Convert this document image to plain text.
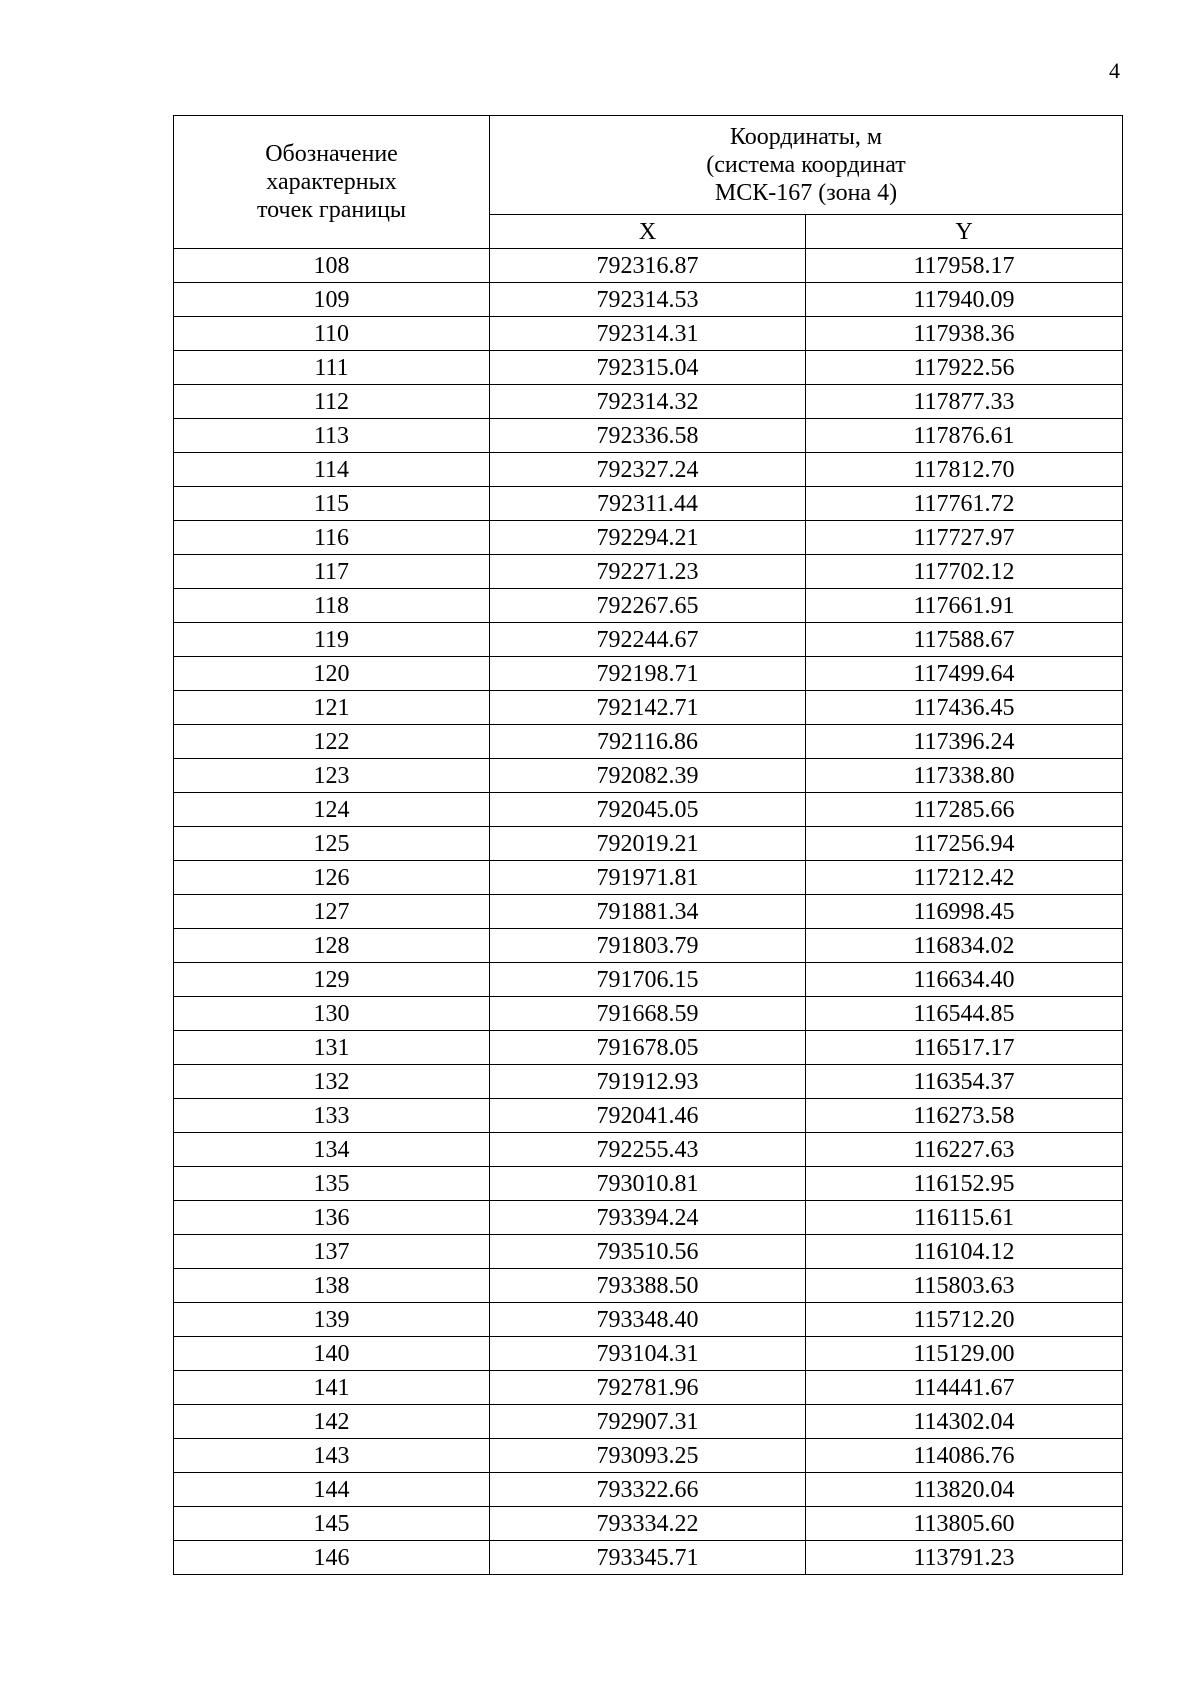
4
Обозначение
характерных
точек границы	Координаты, м
(система координат
МСК-167 (зона 4)	

	X	Y
108	792316.87	117958.17
109	792314.53	117940.09
110	792314.31	117938.36
111	792315.04	117922.56
112	792314.32	117877.33
113	792336.58	117876.61
114	792327.24	117812.70
115	792311.44	117761.72
116	792294.21	117727.97
117	792271.23	117702.12
118	792267.65	117661.91
119	792244.67	117588.67
120	792198.71	117499.64
121	792142.71	117436.45
122	792116.86	117396.24
123	792082.39	117338.80
124	792045.05	117285.66
125	792019.21	117256.94
126	791971.81	117212.42
127	791881.34	116998.45
128	791803.79	116834.02
129	791706.15	116634.40
130	791668.59	116544.85
131	791678.05	116517.17
132	791912.93	116354.37
133	792041.46	116273.58
134	792255.43	116227.63
135	793010.81	116152.95
136	793394.24	116115.61
137	793510.56	116104.12
138	793388.50	115803.63
139	793348.40	115712.20
140	793104.31	115129.00
141	792781.96	114441.67
142	792907.31	114302.04
143	793093.25	114086.76
144	793322.66	113820.04
145	793334.22	113805.60
146	793345.71	113791.23
